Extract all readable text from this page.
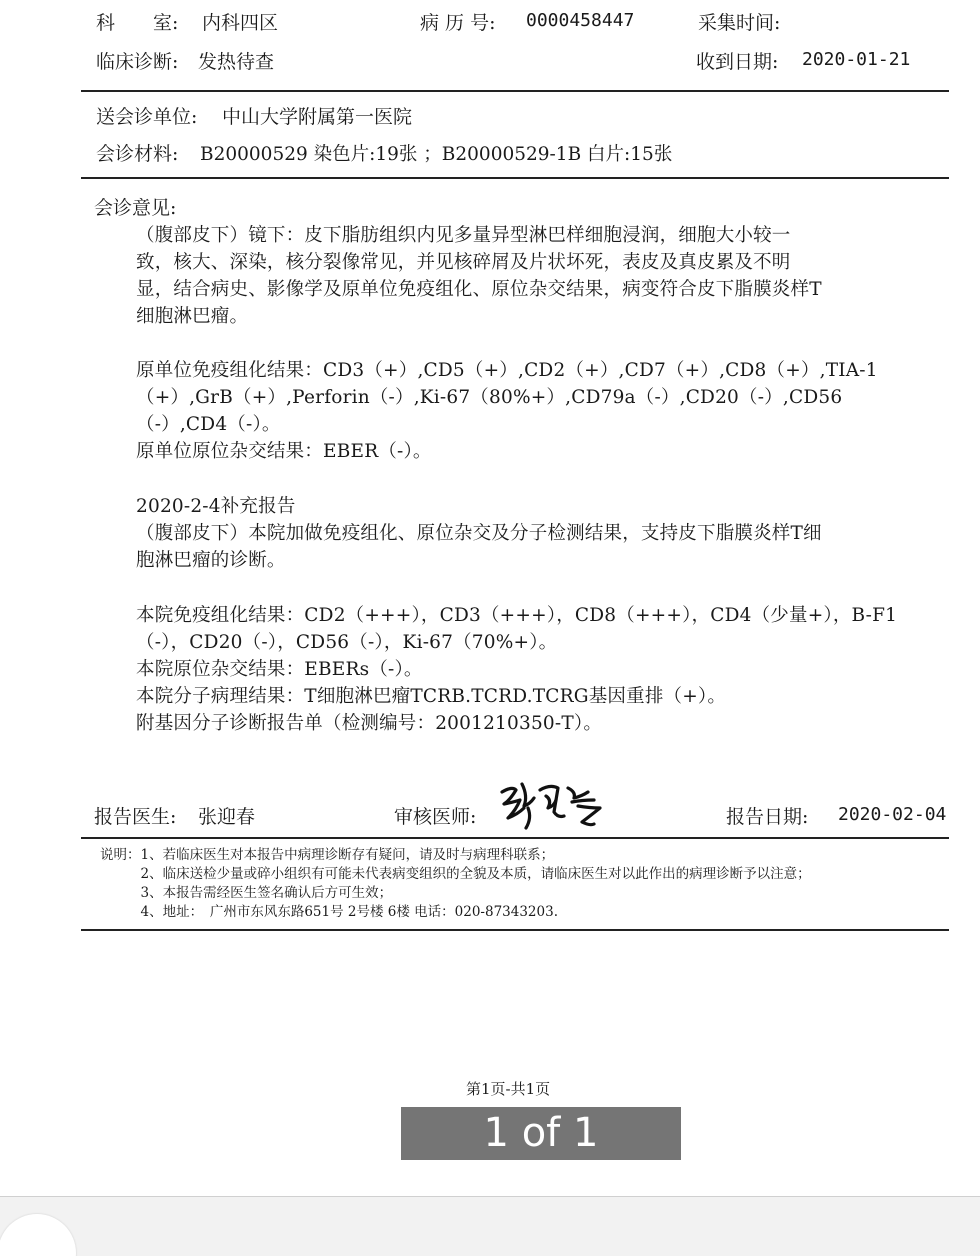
科　　室: 内科四区	病 历 号: 0000458447	采集时间:
临床诊断: 发热待查	收到日期: 2020-01-21
送会诊单位: 中山大学附属第一医院
会诊材料: B20000529 染色片:19张 ；B20000529-1B 白片:15张
会诊意见:
（腹部皮下）镜下：皮下脂肪组织内见多量异型淋巴样细胞浸润，细胞大小较一
致，核大、深染，核分裂像常见，并见核碎屑及片状坏死，表皮及真皮累及不明
显，结合病史、影像学及原单位免疫组化、原位杂交结果，病变符合皮下脂膜炎样T
细胞淋巴瘤。
原单位免疫组化结果：CD3（+）,CD5（+）,CD2（+）,CD7（+）,CD8（+）,TIA-1
（+）,GrB（+）,Perforin（-）,Ki-67（80%+）,CD79a（-）,CD20（-）,CD56
（-）,CD4（-）。
原单位原位杂交结果：EBER（-）。
2020-2-4补充报告
（腹部皮下）本院加做免疫组化、原位杂交及分子检测结果，支持皮下脂膜炎样T细
胞淋巴瘤的诊断。
本院免疫组化结果：CD2（+++），CD3（+++），CD8（+++），CD4（少量+），B-F1
（-），CD20（-），CD56（-），Ki-67（70%+）。
本院原位杂交结果：EBERs（-）。
本院分子病理结果：T细胞淋巴瘤TCRB.TCRD.TCRG基因重排（+）。
附基因分子诊断报告单（检测编号：2001210350-T）。
报告医生: 张迎春	审核医师:	报告日期: 2020-02-04
说明：1、若临床医生对本报告中病理诊断存有疑问，请及时与病理科联系；
　　　2、临床送检少量或碎小组织有可能未代表病变组织的全貌及本质，请临床医生对以此作出的病理诊断予以注意；
　　　3、本报告需经医生签名确认后方可生效；
　　　4、地址：　广州市东风东路651号 2号楼 6楼 电话：020-87343203.
第1页-共1页
1 of 1
